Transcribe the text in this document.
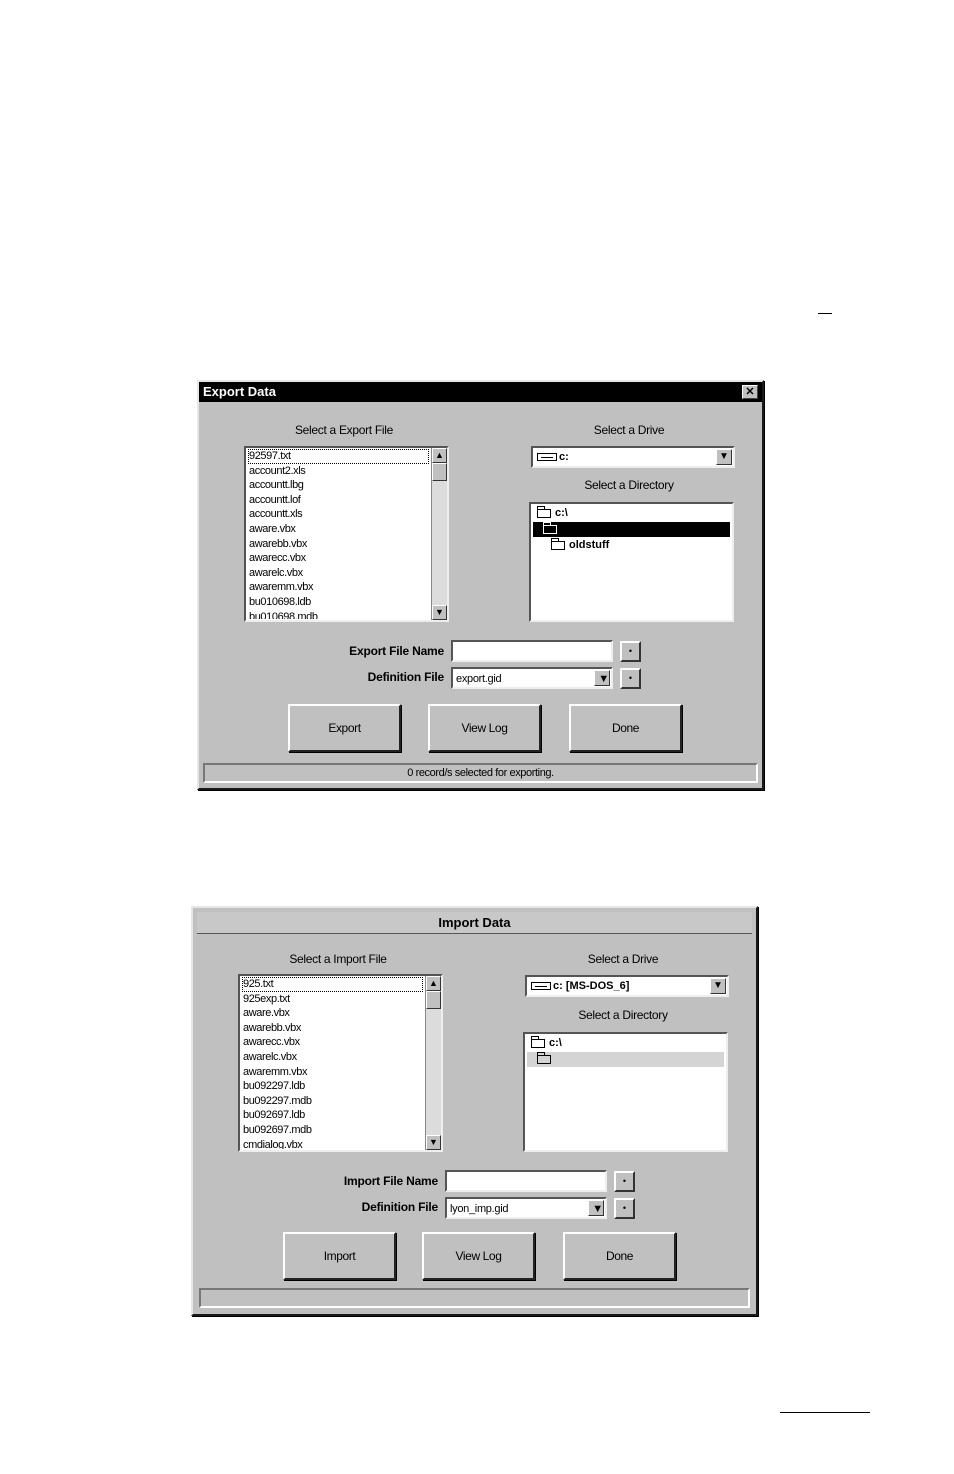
Export Data	✕
Select a Export File	Select a Drive
92597.txt
account2.xls
accountt.lbg
accountt.lof
accountt.xls
aware.vbx
awarebb.vbx
awarecc.vbx
awarelc.vbx
awaremm.vbx
bu010698.ldb
bu010698.mdb
▲
▼
c:	▼
Select a Directory
c:\
oldstuff
Export File Name	•
Definition File	export.gid	▼	•
Export	View Log	Done
0 record/s selected for exporting.
Import Data
Select a Import File	Select a Drive
925.txt
925exp.txt
aware.vbx
awarebb.vbx
awarecc.vbx
awarelc.vbx
awaremm.vbx
bu092297.ldb
bu092297.mdb
bu092697.ldb
bu092697.mdb
cmdialog.vbx
▲
▼
c: [MS-DOS_6]	▼
Select a Directory
c:\
Import File Name	•
Definition File	lyon_imp.gid	▼	•
Import	View Log	Done
